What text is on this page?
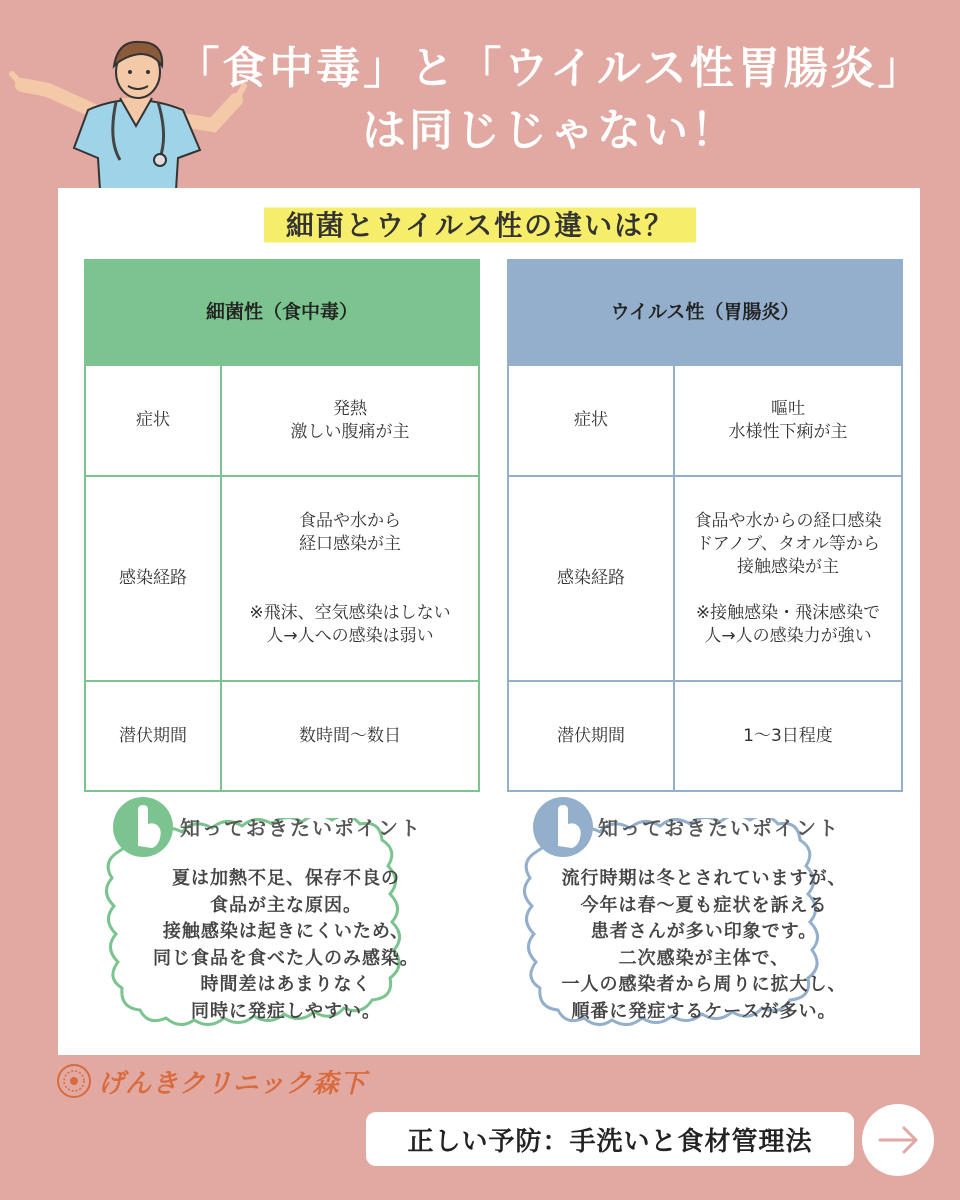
「食中毒」と「ウイルス性胃腸炎」
は同じじゃない！
細菌とウイルス性の違いは？
細菌性（食中毒）	
症状	発熱
激しい腹痛が主
感染経路	食品や水から
経口感染が主

※飛沫、空気感染はしない
人→人への感染は弱い
潜伏期間	数時間〜数日
ウイルス性（胃腸炎）	
症状	嘔吐
水様性下痢が主
感染経路	食品や水からの経口感染
ドアノブ、タオル等から
接触感染が主

※接触感染・飛沫感染で
人→人の感染力が強い
潜伏期間	1〜3日程度
知っておきたいポイント
夏は加熱不足、保存不良の
食品が主な原因。
接触感染は起きにくいため、
同じ食品を食べた人のみ感染。
時間差はあまりなく
同時に発症しやすい。
知っておきたいポイント
流行時期は冬とされていますが、
今年は春〜夏も症状を訴える
患者さんが多い印象です。
二次感染が主体で、
一人の感染者から周りに拡大し、
順番に発症するケースが多い。
げんきクリニック森下
正しい予防：手洗いと食材管理法
